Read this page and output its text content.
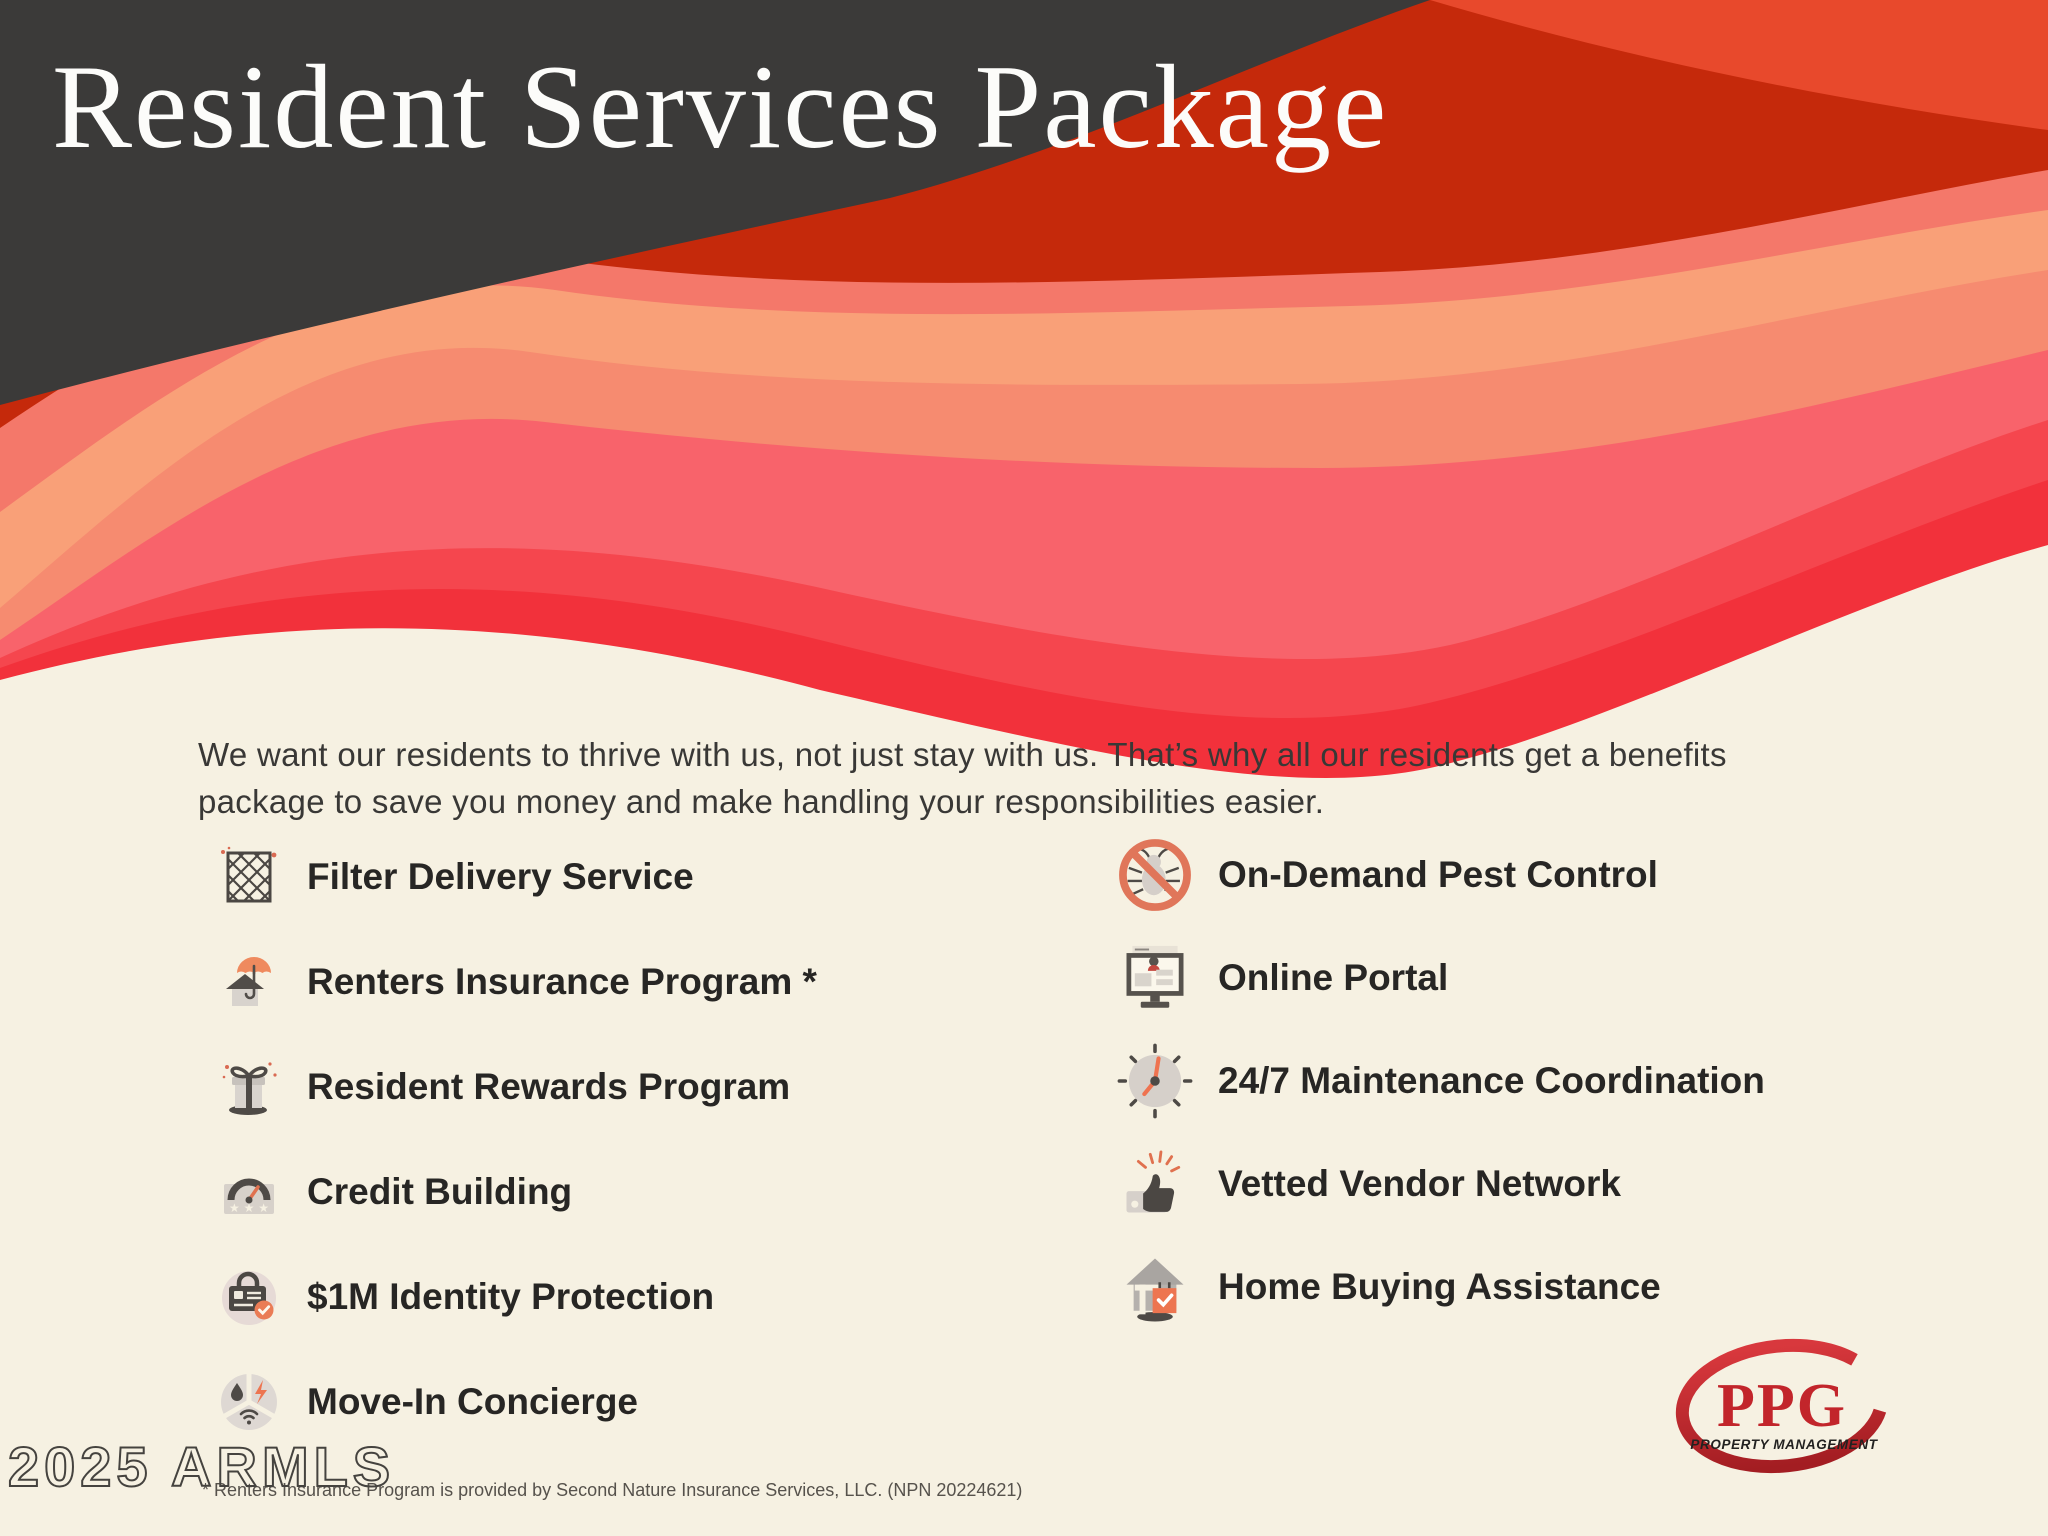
Resident Services Package

We want our residents to thrive with us, not just stay with us. That’s why all our residents get a benefits package to save you money and make handling your responsibilities easier.

Filter Delivery Service
Renters Insurance Program *
Resident Rewards Program
★ ★ ★ Credit Building
$1M Identity Protection
Move-In Concierge
On-Demand Pest Control
Online Portal
24/7 Maintenance Coordination
Vetted Vendor Network
Home Buying Assistance
* Renters Insurance Program is provided by Second Nature Insurance Services, LLC. (NPN 20224621)
2025 ARMLS
PPG
PROPERTY MANAGEMENT
